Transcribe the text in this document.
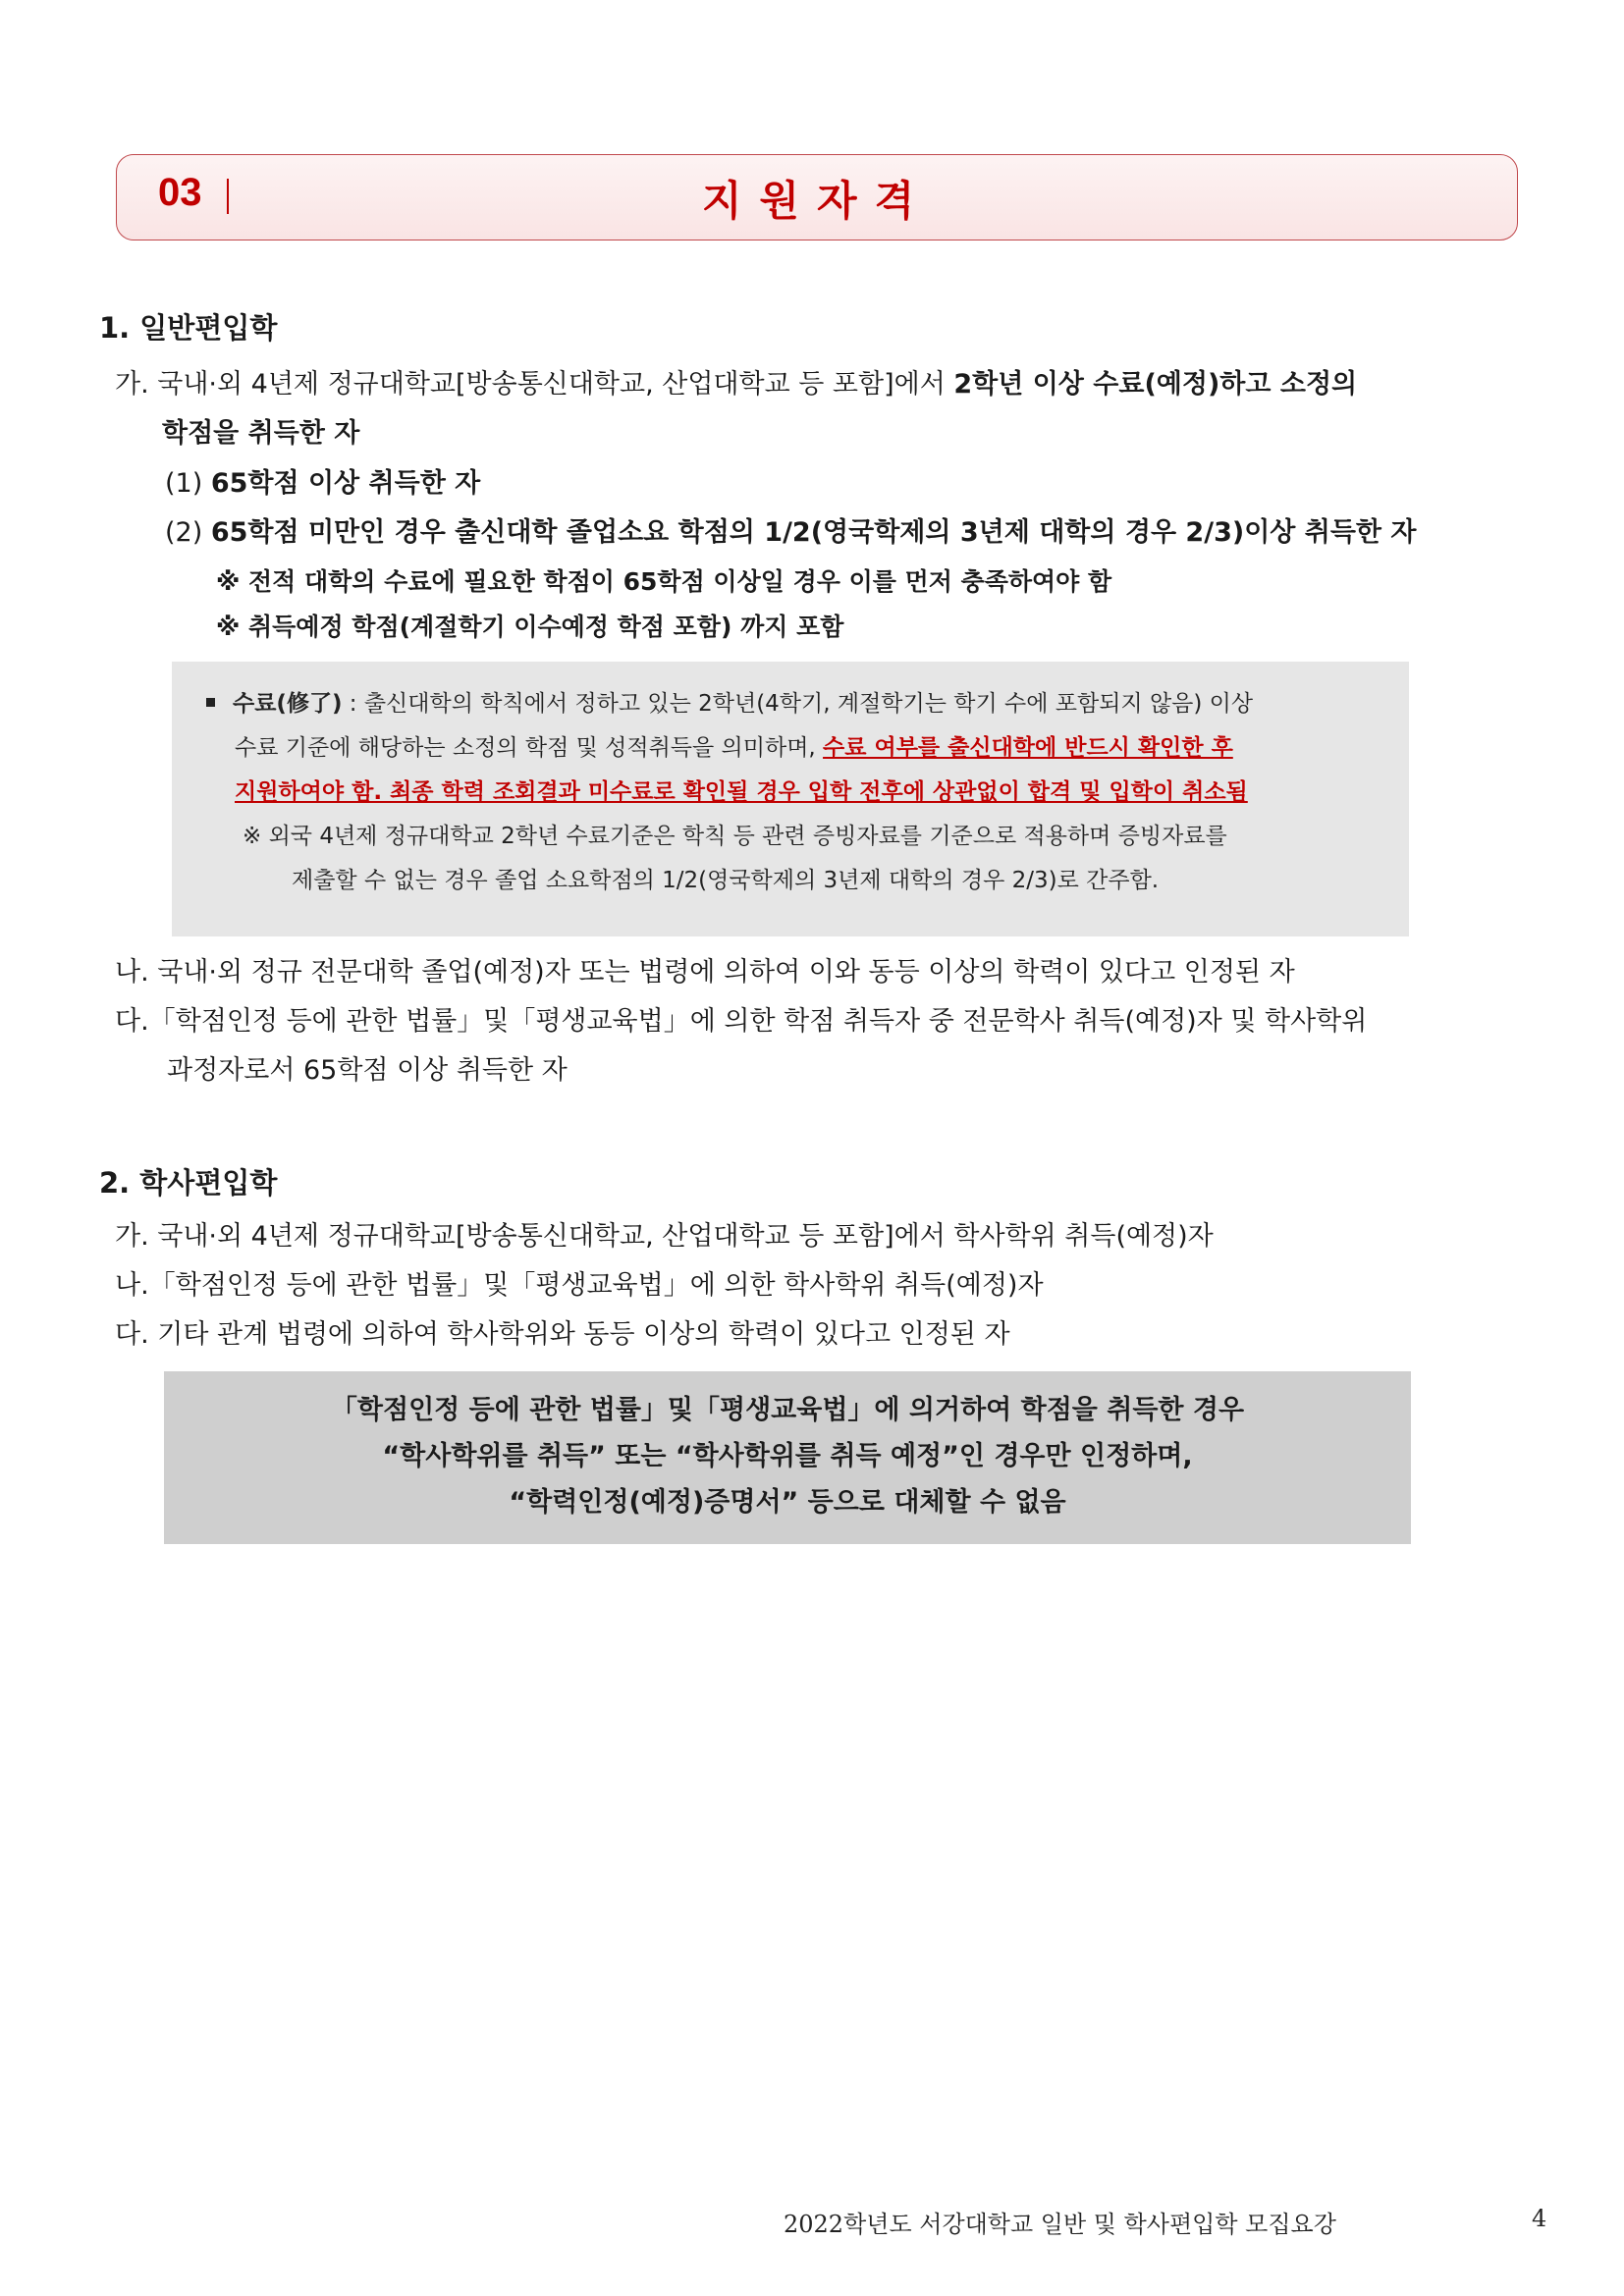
03	지원자격
1. 일반편입학
가. 국내·외 4년제 정규대학교[방송통신대학교, 산업대학교 등 포함]에서 2학년 이상 수료(예정)하고 소정의
학점을 취득한 자
(1) 65학점 이상 취득한 자
(2) 65학점 미만인 경우 출신대학 졸업소요 학점의 1/2(영국학제의 3년제 대학의 경우 2/3)이상 취득한 자
※ 전적 대학의 수료에 필요한 학점이 65학점 이상일 경우 이를 먼저 충족하여야 함
※ 취득예정 학점(계절학기 이수예정 학점 포함) 까지 포함
수료(修了) : 출신대학의 학칙에서 정하고 있는 2학년(4학기, 계절학기는 학기 수에 포함되지 않음) 이상
수료 기준에 해당하는 소정의 학점 및 성적취득을 의미하며, 수료 여부를 출신대학에 반드시 확인한 후
지원하여야 함. 최종 학력 조회결과 미수료로 확인될 경우 입학 전후에 상관없이 합격 및 입학이 취소됨
※ 외국 4년제 정규대학교 2학년 수료기준은 학칙 등 관련 증빙자료를 기준으로 적용하며 증빙자료를
제출할 수 없는 경우 졸업 소요학점의 1/2(영국학제의 3년제 대학의 경우 2/3)로 간주함.
나. 국내·외 정규 전문대학 졸업(예정)자 또는 법령에 의하여 이와 동등 이상의 학력이 있다고 인정된 자
다.「학점인정 등에 관한 법률」및「평생교육법」에 의한 학점 취득자 중 전문학사 취득(예정)자 및 학사학위
과정자로서 65학점 이상 취득한 자
2. 학사편입학
가. 국내·외 4년제 정규대학교[방송통신대학교, 산업대학교 등 포함]에서 학사학위 취득(예정)자
나.「학점인정 등에 관한 법률」및「평생교육법」에 의한 학사학위 취득(예정)자
다. 기타 관계 법령에 의하여 학사학위와 동등 이상의 학력이 있다고 인정된 자
「학점인정 등에 관한 법률」및「평생교육법」에 의거하여 학점을 취득한 경우
“학사학위를 취득” 또는 “학사학위를 취득 예정”인 경우만 인정하며,
“학력인정(예정)증명서” 등으로 대체할 수 없음
2022학년도 서강대학교 일반 및 학사편입학 모집요강	4
